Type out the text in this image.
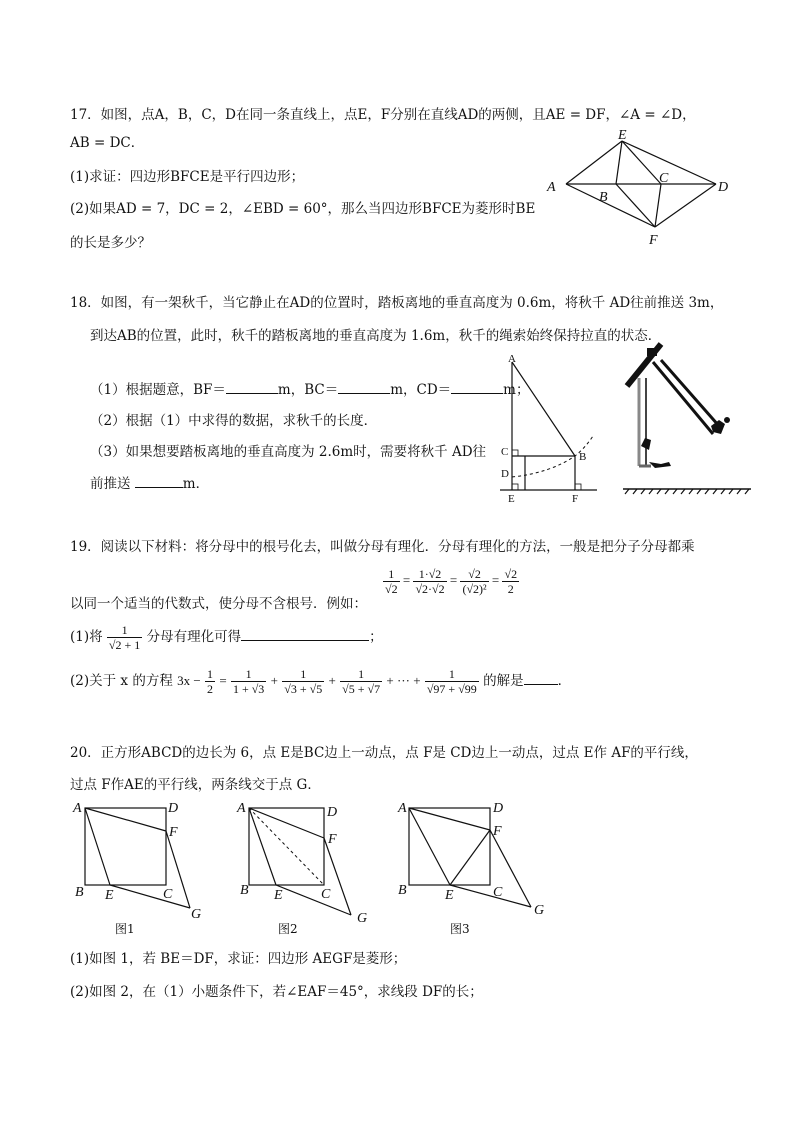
17．如图，点A，B，C，D在同一条直线上，点E，F分别在直线AD的两侧，且AE = DF，∠A = ∠D，
AB = DC．
(1)求证：四边形BFCE是平行四边形；
(2)如果AD = 7，DC = 2，∠EBD = 60°，那么当四边形BFCE为菱形时BE
的长是多少？
A
B
C
D
E
F
18．如图，有一架秋千，当它静止在AD的位置时，踏板离地的垂直高度为 0.6m，将秋千 AD往前推送 3m，
到达AB的位置，此时，秋千的踏板离地的垂直高度为 1.6m，秋千的绳索始终保持拉直的状态．
（1）根据题意，BF＝	m，BC＝	m，CD＝	m；
（2）根据（1）中求得的数据，求秋千的长度．
（3）如果想要踏板离地的垂直高度为 2.6m时，需要将秋千 AD往
前推送	m．
A
B
C
D
E	F
19．阅读以下材料：将分母中的根号化去，叫做分母有理化．分母有理化的方法，一般是把分子分母都乘
以同一个适当的代数式，使分母不含根号．例如：
$\frac{1}{√2} = \frac{1\cdot√2}{√2\cdot√2} = \frac{√2}{\text{(√2)²}} = \frac{√2}{2}$
(1)将 $\frac{1}{√2 + 1}$ 分母有理化可得	；
(2)关于 x 的方程 $3x - \frac{1}{2} = \frac{1}{1 + √3} + \frac{1}{√3 + √5} + \frac{1}{√5 + √7}$ + ··· + $\frac{1}{√97 + √99}$ 的解是	．
20．正方形ABCD的边长为 6，点 E是BC边上一动点，点 F是 CD边上一动点，过点 E作 AF的平行线，
过点 F作AE的平行线，两条线交于点 G．
A	D
F
B E	C
G
图1
A	D
F
B E	C
G
图2
A	D
F
B	E	C
G
图3
(1)如图 1，若 BE＝DF，求证：四边形 AEGF是菱形；
(2)如图 2，在（1）小题条件下，若∠EAF＝45°，求线段 DF的长；
